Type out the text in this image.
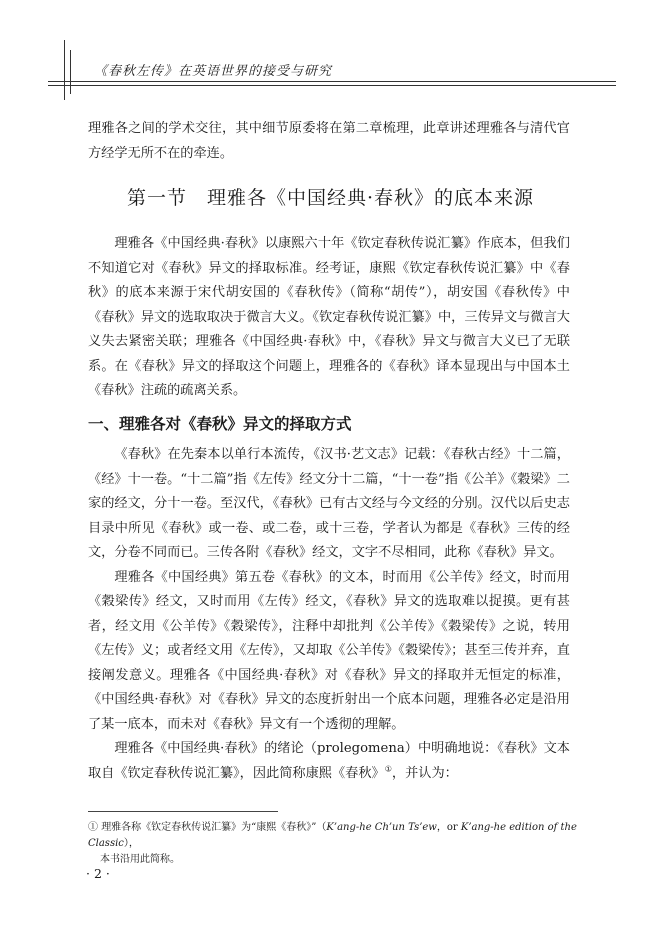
《春秋左传》在英语世界的接受与研究

理雅各之间的学术交往，其中细节原委将在第二章梳理，此章讲述理雅各与清代官方经学无所不在的牵连。

第一节　理雅各《中国经典·春秋》的底本来源

理雅各《中国经典·春秋》以康熙六十年《钦定春秋传说汇纂》作底本，但我们不知道它对《春秋》异文的择取标准。经考证，康熙《钦定春秋传说汇纂》中《春秋》的底本来源于宋代胡安国的《春秋传》（简称“胡传”），胡安国《春秋传》中《春秋》异文的选取取决于微言大义。《钦定春秋传说汇纂》中，三传异文与微言大义失去紧密关联；理雅各《中国经典·春秋》中，《春秋》异文与微言大义已了无联系。在《春秋》异文的择取这个问题上，理雅各的《春秋》译本显现出与中国本土《春秋》注疏的疏离关系。

一、理雅各对《春秋》异文的择取方式

《春秋》在先秦本以单行本流传，《汉书·艺文志》记载：《春秋古经》十二篇，《经》十一卷。“十二篇”指《左传》经文分十二篇，“十一卷”指《公羊》《穀梁》二家的经文，分十一卷。至汉代，《春秋》已有古文经与今文经的分别。汉代以后史志目录中所见《春秋》或一卷、或二卷，或十三卷，学者认为都是《春秋》三传的经文，分卷不同而已。三传各附《春秋》经文，文字不尽相同，此称《春秋》异文。

理雅各《中国经典》第五卷《春秋》的文本，时而用《公羊传》经文，时而用《穀梁传》经文，又时而用《左传》经文，《春秋》异文的选取难以捉摸。更有甚者，经文用《公羊传》《穀梁传》，注释中却批判《公羊传》《穀梁传》之说，转用《左传》义；或者经文用《左传》，又却取《公羊传》《穀梁传》；甚至三传并弃，直接阐发意义。理雅各《中国经典·春秋》对《春秋》异文的择取并无恒定的标准，《中国经典·春秋》对《春秋》异文的态度折射出一个底本问题，理雅各必定是沿用了某一底本，而未对《春秋》异文有一个透彻的理解。

理雅各《中国经典·春秋》的绪论（prolegomena）中明确地说：《春秋》文本取自《钦定春秋传说汇纂》，因此简称康熙《春秋》①，并认为：

① 理雅各称《钦定春秋传说汇纂》为“康熙《春秋》”（K’ang-he Ch’un Ts’ew，or K’ang-he edition of the Classic），
本书沿用此简称。
· 2 ·
